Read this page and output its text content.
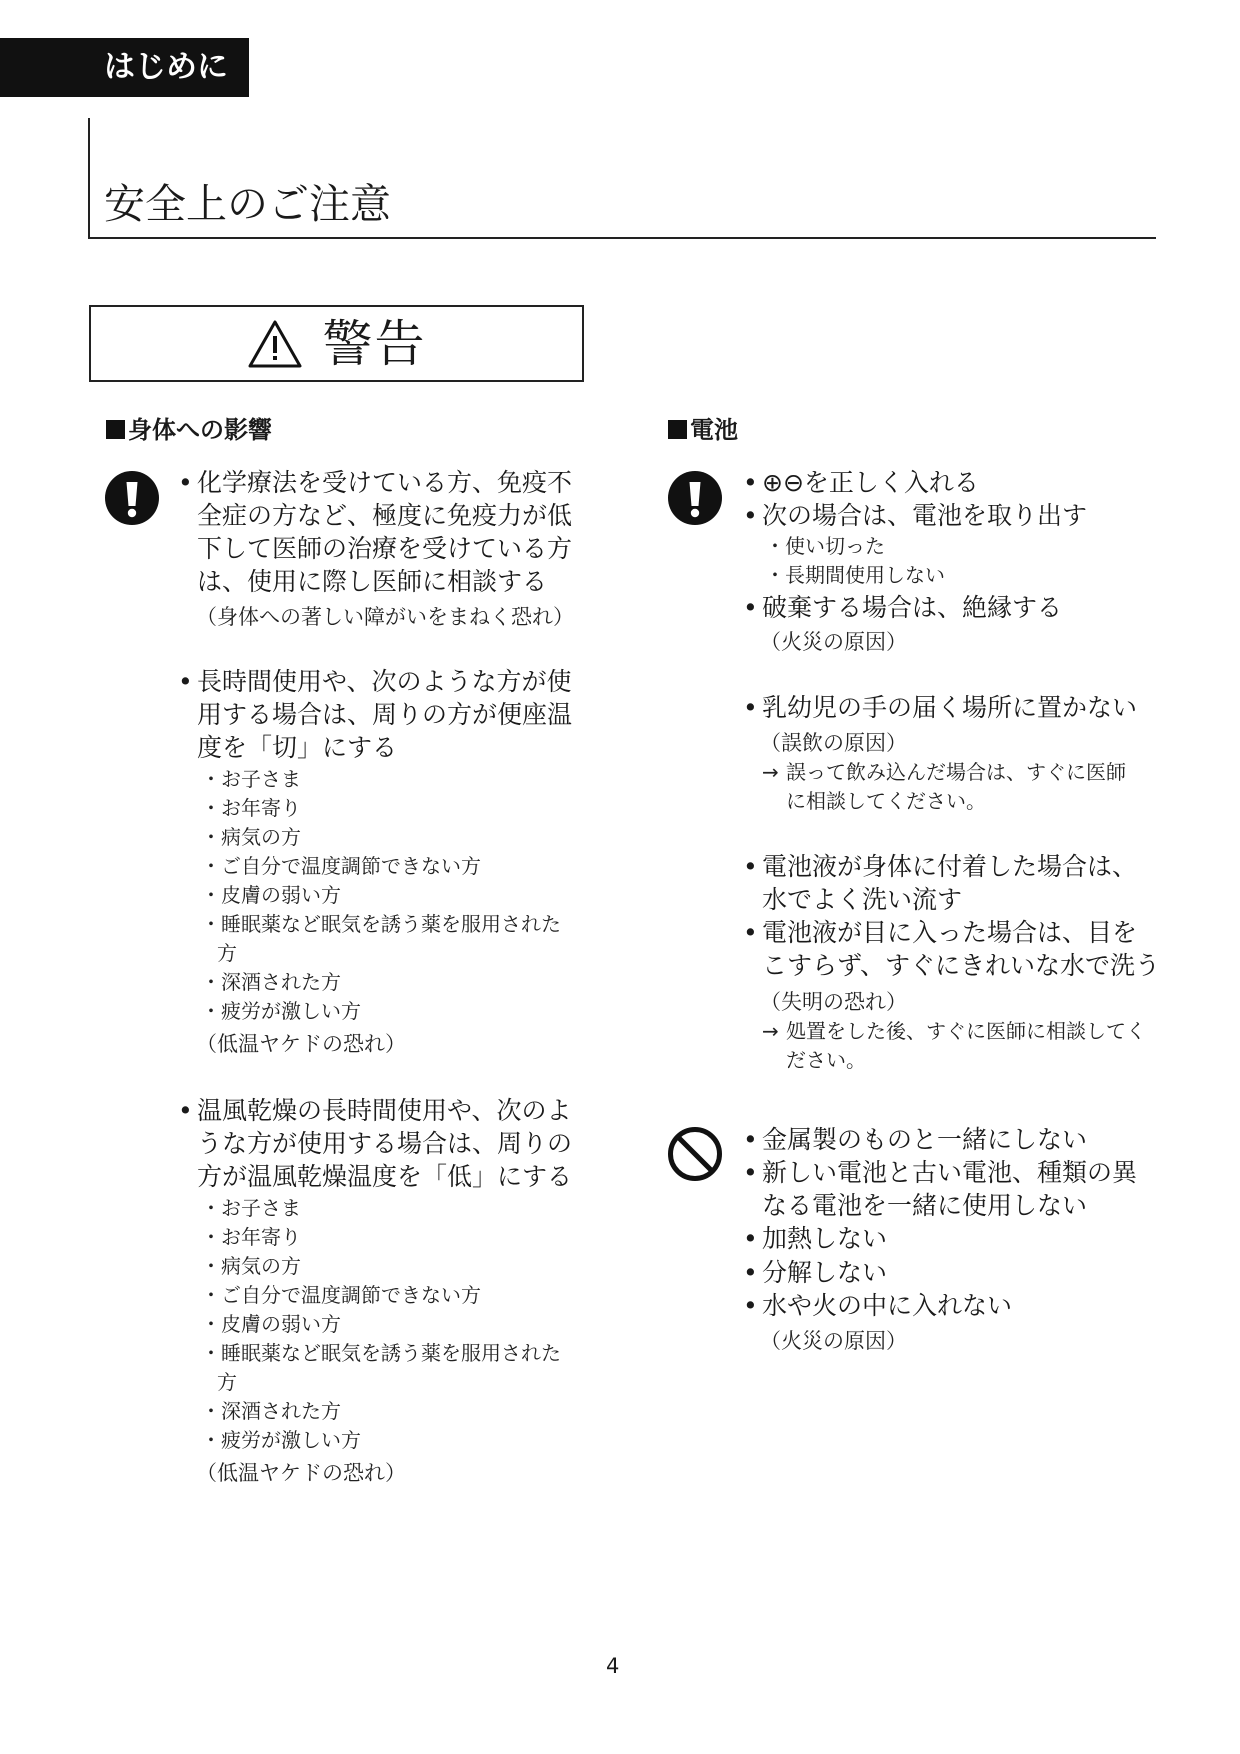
はじめに
安全上のご注意
警告
身体への影響
• 化学療法を受けている方、免疫不
全症の方など、極度に免疫力が低
下して医師の治療を受けている方
は、使用に際し医師に相談する
（身体への著しい障がいをまねく恐れ）
• 長時間使用や、次のような方が使
用する場合は、周りの方が便座温
度を「切」にする
・お子さま
・お年寄り
・病気の方
・ご自分で温度調節できない方
・皮膚の弱い方
・睡眠薬など眠気を誘う薬を服用された
方
・深酒された方
・疲労が激しい方
（低温ヤケドの恐れ）
• 温風乾燥の長時間使用や、次のよ
うな方が使用する場合は、周りの
方が温風乾燥温度を「低」にする
・お子さま
・お年寄り
・病気の方
・ご自分で温度調節できない方
・皮膚の弱い方
・睡眠薬など眠気を誘う薬を服用された
方
・深酒された方
・疲労が激しい方
（低温ヤケドの恐れ）
電池
• ⊕⊖を正しく入れる
• 次の場合は、電池を取り出す
・使い切った
・長期間使用しない
• 破棄する場合は、絶縁する
（火災の原因）
• 乳幼児の手の届く場所に置かない
（誤飲の原因）
→ 誤って飲み込んだ場合は、すぐに医師
に相談してください。
• 電池液が身体に付着した場合は、
水でよく洗い流す
• 電池液が目に入った場合は、目を
こすらず、すぐにきれいな水で洗う
（失明の恐れ）
→ 処置をした後、すぐに医師に相談してく
ださい。
• 金属製のものと一緒にしない
• 新しい電池と古い電池、種類の異
なる電池を一緒に使用しない
• 加熱しない
• 分解しない
• 水や火の中に入れない
（火災の原因）
4
